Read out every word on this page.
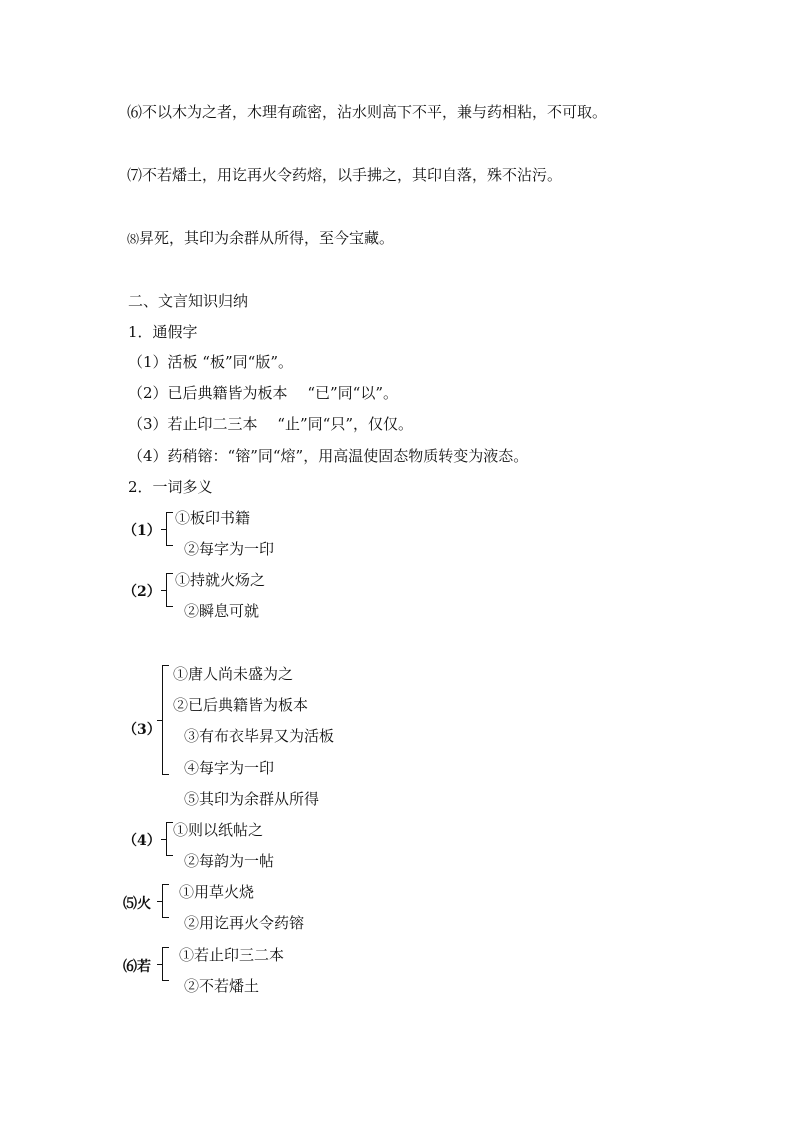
⑹不以木为之者，木理有疏密，沾水则高下不平，兼与药相粘，不可取。
⑺不若燔土，用讫再火令药熔，以手拂之，其印自落，殊不沾污。
⑻昇死，其印为余群从所得，至今宝藏。
二、文言知识归纳
1．通假字
（1）活板 “板”同“版”。
（2）已后典籍皆为板本　 “已”同“以”。
（3）若止印二三本　 “止”同“只”，仅仅。
（4）药稍镕：“镕”同“熔”，用高温使固态物质转变为液态。
2．一词多义
（1）
①板印书籍
②每字为一印
（2）
①持就火炀之
②瞬息可就
（3）
①唐人尚未盛为之
②已后典籍皆为板本
③有布衣毕昇又为活板
④每字为一印
⑤其印为余群从所得
（4）
①则以纸帖之
②每韵为一帖
⑸火
①用草火烧
②用讫再火令药镕
⑹若
①若止印三二本
②不若燔土
